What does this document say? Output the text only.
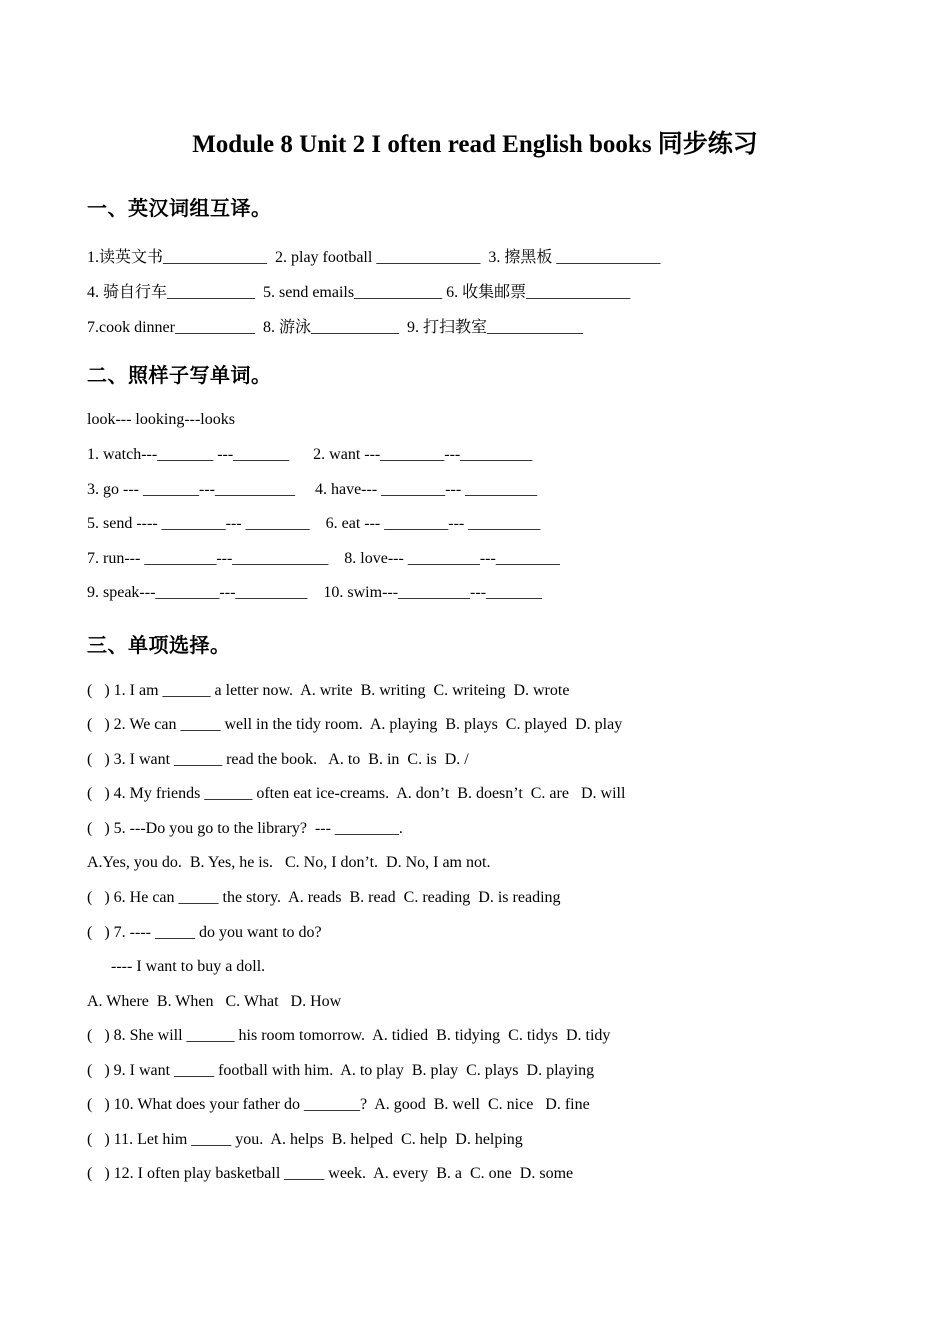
Module 8 Unit 2 I often read English books 同步练习
一、英汉词组互译。
1.读英文书_____________  2. play football _____________  3. 擦黑板 _____________
4. 骑自行车___________  5. send emails___________ 6. 收集邮票_____________
7.cook dinner__________  8. 游泳___________  9. 打扫教室____________
二、照样子写单词。
look--- looking---looks
1. watch---_______ ---_______      2. want ---________---_________
3. go --- _______---__________     4. have--- ________--- _________
5. send ---- ________--- ________    6. eat --- ________--- _________
7. run--- _________---____________    8. love--- _________---________
9. speak---________---_________    10. swim---_________---_______
三、单项选择。
(   ) 1. I am ______ a letter now.  A. write  B. writing  C. writeing  D. wrote
(   ) 2. We can _____ well in the tidy room.  A. playing  B. plays  C. played  D. play
(   ) 3. I want ______ read the book.   A. to  B. in  C. is  D. /
(   ) 4. My friends ______ often eat ice-creams.  A. don’t  B. doesn’t  C. are   D. will
(   ) 5. ---Do you go to the library?  --- ________.
A.Yes, you do.  B. Yes, he is.   C. No, I don’t.  D. No, I am not.
(   ) 6. He can _____ the story.  A. reads  B. read  C. reading  D. is reading
(   ) 7. ---- _____ do you want to do?
---- I want to buy a doll.
A. Where  B. When   C. What   D. How
(   ) 8. She will ______ his room tomorrow.  A. tidied  B. tidying  C. tidys  D. tidy
(   ) 9. I want _____ football with him.  A. to play  B. play  C. plays  D. playing
(   ) 10. What does your father do _______?  A. good  B. well  C. nice   D. fine
(   ) 11. Let him _____ you.  A. helps  B. helped  C. help  D. helping
(   ) 12. I often play basketball _____ week.  A. every  B. a  C. one  D. some
